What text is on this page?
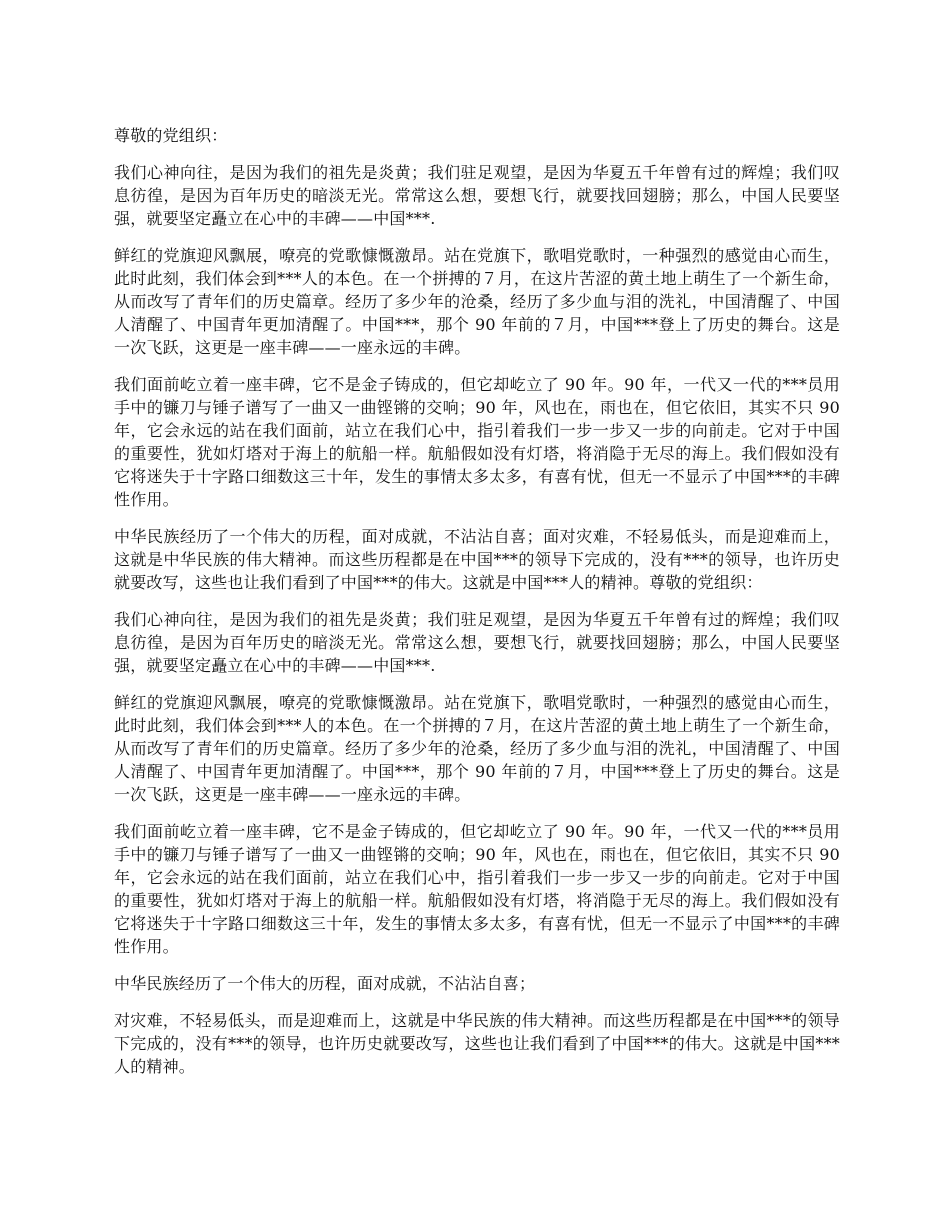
尊敬的党组织：

我们心神向往，是因为我们的祖先是炎黄；我们驻足观望，是因为华夏五千年曾有过的辉煌；我们叹息彷徨，是因为百年历史的暗淡无光。常常这么想，要想飞行，就要找回翅膀；那么，中国人民要坚强，就要坚定矗立在心中的丰碑——中国***.

鲜红的党旗迎风飘展，嘹亮的党歌慷慨激昂。站在党旗下，歌唱党歌时，一种强烈的感觉由心而生，此时此刻，我们体会到***人的本色。在一个拼搏的７月，在这片苦涩的黄土地上萌生了一个新生命，从而改写了青年们的历史篇章。经历了多少年的沧桑，经历了多少血与泪的洗礼，中国清醒了、中国人清醒了、中国青年更加清醒了。中国***，那个 90 年前的７月，中国***登上了历史的舞台。这是一次飞跃，这更是一座丰碑——一座永远的丰碑。

我们面前屹立着一座丰碑，它不是金子铸成的，但它却屹立了 90 年。90 年，一代又一代的***员用手中的镰刀与锤子谱写了一曲又一曲铿锵的交响；90 年，风也在，雨也在，但它依旧，其实不只 90 年，它会永远的站在我们面前，站立在我们心中，指引着我们一步一步又一步的向前走。它对于中国的重要性，犹如灯塔对于海上的航船一样。航船假如没有灯塔，将消隐于无尽的海上。我们假如没有它将迷失于十字路口细数这三十年，发生的事情太多太多，有喜有忧，但无一不显示了中国***的丰碑性作用。

中华民族经历了一个伟大的历程，面对成就，不沾沾自喜；面对灾难，不轻易低头，而是迎难而上，这就是中华民族的伟大精神。而这些历程都是在中国***的领导下完成的，没有***的领导，也许历史就要改写，这些也让我们看到了中国***的伟大。这就是中国***人的精神。尊敬的党组织：

我们心神向往，是因为我们的祖先是炎黄；我们驻足观望，是因为华夏五千年曾有过的辉煌；我们叹息彷徨，是因为百年历史的暗淡无光。常常这么想，要想飞行，就要找回翅膀；那么，中国人民要坚强，就要坚定矗立在心中的丰碑——中国***.

鲜红的党旗迎风飘展，嘹亮的党歌慷慨激昂。站在党旗下，歌唱党歌时，一种强烈的感觉由心而生，此时此刻，我们体会到***人的本色。在一个拼搏的７月，在这片苦涩的黄土地上萌生了一个新生命，从而改写了青年们的历史篇章。经历了多少年的沧桑，经历了多少血与泪的洗礼，中国清醒了、中国人清醒了、中国青年更加清醒了。中国***，那个 90 年前的７月，中国***登上了历史的舞台。这是一次飞跃，这更是一座丰碑——一座永远的丰碑。

我们面前屹立着一座丰碑，它不是金子铸成的，但它却屹立了 90 年。90 年，一代又一代的***员用手中的镰刀与锤子谱写了一曲又一曲铿锵的交响；90 年，风也在，雨也在，但它依旧，其实不只 90 年，它会永远的站在我们面前，站立在我们心中，指引着我们一步一步又一步的向前走。它对于中国的重要性，犹如灯塔对于海上的航船一样。航船假如没有灯塔，将消隐于无尽的海上。我们假如没有它将迷失于十字路口细数这三十年，发生的事情太多太多，有喜有忧，但无一不显示了中国***的丰碑性作用。

中华民族经历了一个伟大的历程，面对成就，不沾沾自喜；

对灾难，不轻易低头，而是迎难而上，这就是中华民族的伟大精神。而这些历程都是在中国***的领导下完成的，没有***的领导，也许历史就要改写，这些也让我们看到了中国***的伟大。这就是中国***人的精神。
